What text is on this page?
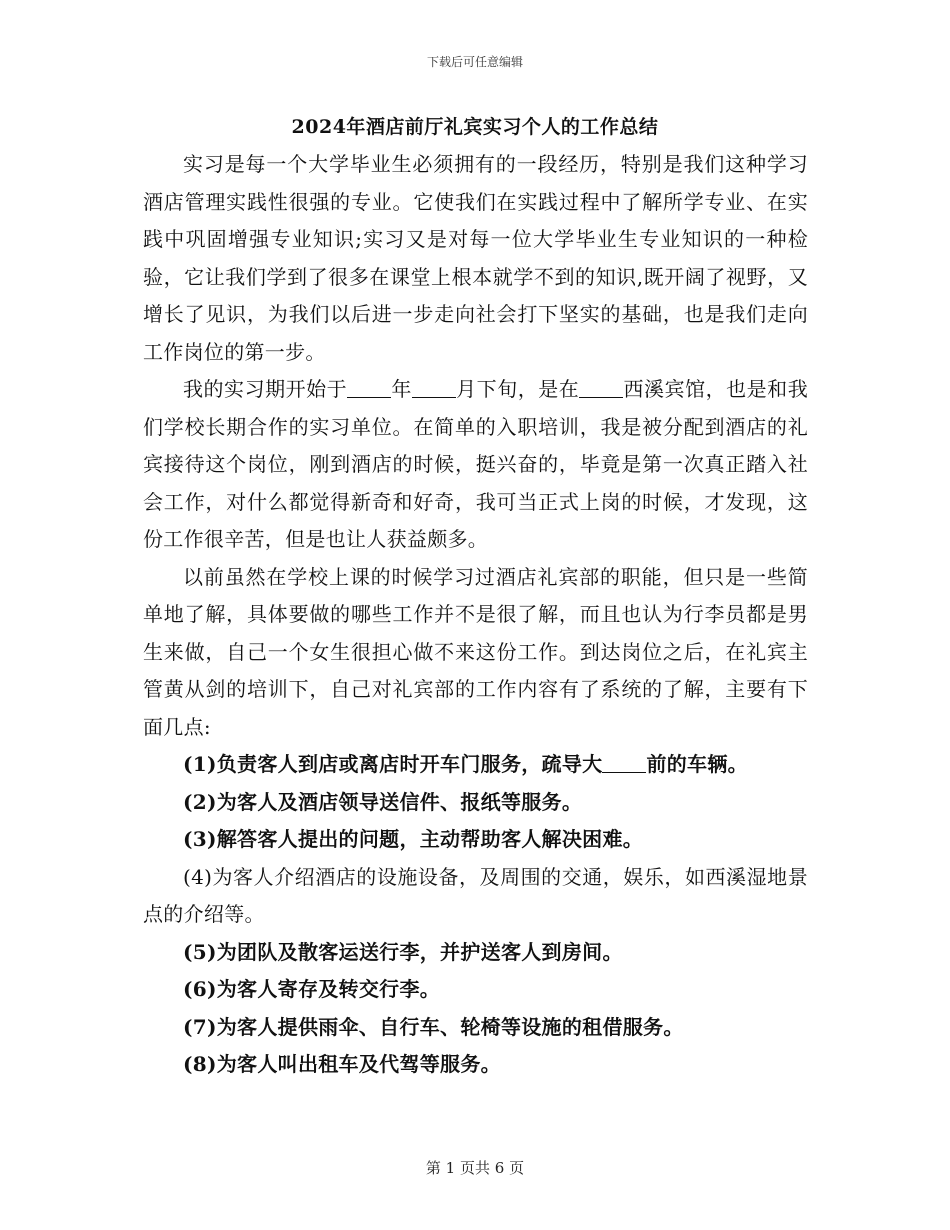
下载后可任意编辑
2024年酒店前厅礼宾实习个人的工作总结

实习是每一个大学毕业生必须拥有的一段经历，特别是我们这种学习酒店管理实践性很强的专业。它使我们在实践过程中了解所学专业、在实践中巩固增强专业知识;实习又是对每一位大学毕业生专业知识的一种检验，它让我们学到了很多在课堂上根本就学不到的知识,既开阔了视野，又增长了见识，为我们以后进一步走向社会打下坚实的基础，也是我们走向工作岗位的第一步。

我的实习期开始于 年 月下旬，是在 西溪宾馆，也是和我们学校长期合作的实习单位。在简单的入职培训，我是被分配到酒店的礼宾接待这个岗位，刚到酒店的时候，挺兴奋的，毕竟是第一次真正踏入社会工作，对什么都觉得新奇和好奇，我可当正式上岗的时候，才发现，这份工作很辛苦，但是也让人获益颇多。

以前虽然在学校上课的时候学习过酒店礼宾部的职能，但只是一些简单地了解，具体要做的哪些工作并不是很了解，而且也认为行李员都是男生来做，自己一个女生很担心做不来这份工作。到达岗位之后，在礼宾主管黄从剑的培训下，自己对礼宾部的工作内容有了系统的了解，主要有下面几点:

(1)负责客人到店或离店时开车门服务，疏导大 前的车辆。

(2)为客人及酒店领导送信件、报纸等服务。

(3)解答客人提出的问题，主动帮助客人解决困难。

(4)为客人介绍酒店的设施设备，及周围的交通，娱乐，如西溪湿地景点的介绍等。

(5)为团队及散客运送行李，并护送客人到房间。

(6)为客人寄存及转交行李。

(7)为客人提供雨伞、自行车、轮椅等设施的租借服务。

(8)为客人叫出租车及代驾等服务。

第 1 页共 6 页
